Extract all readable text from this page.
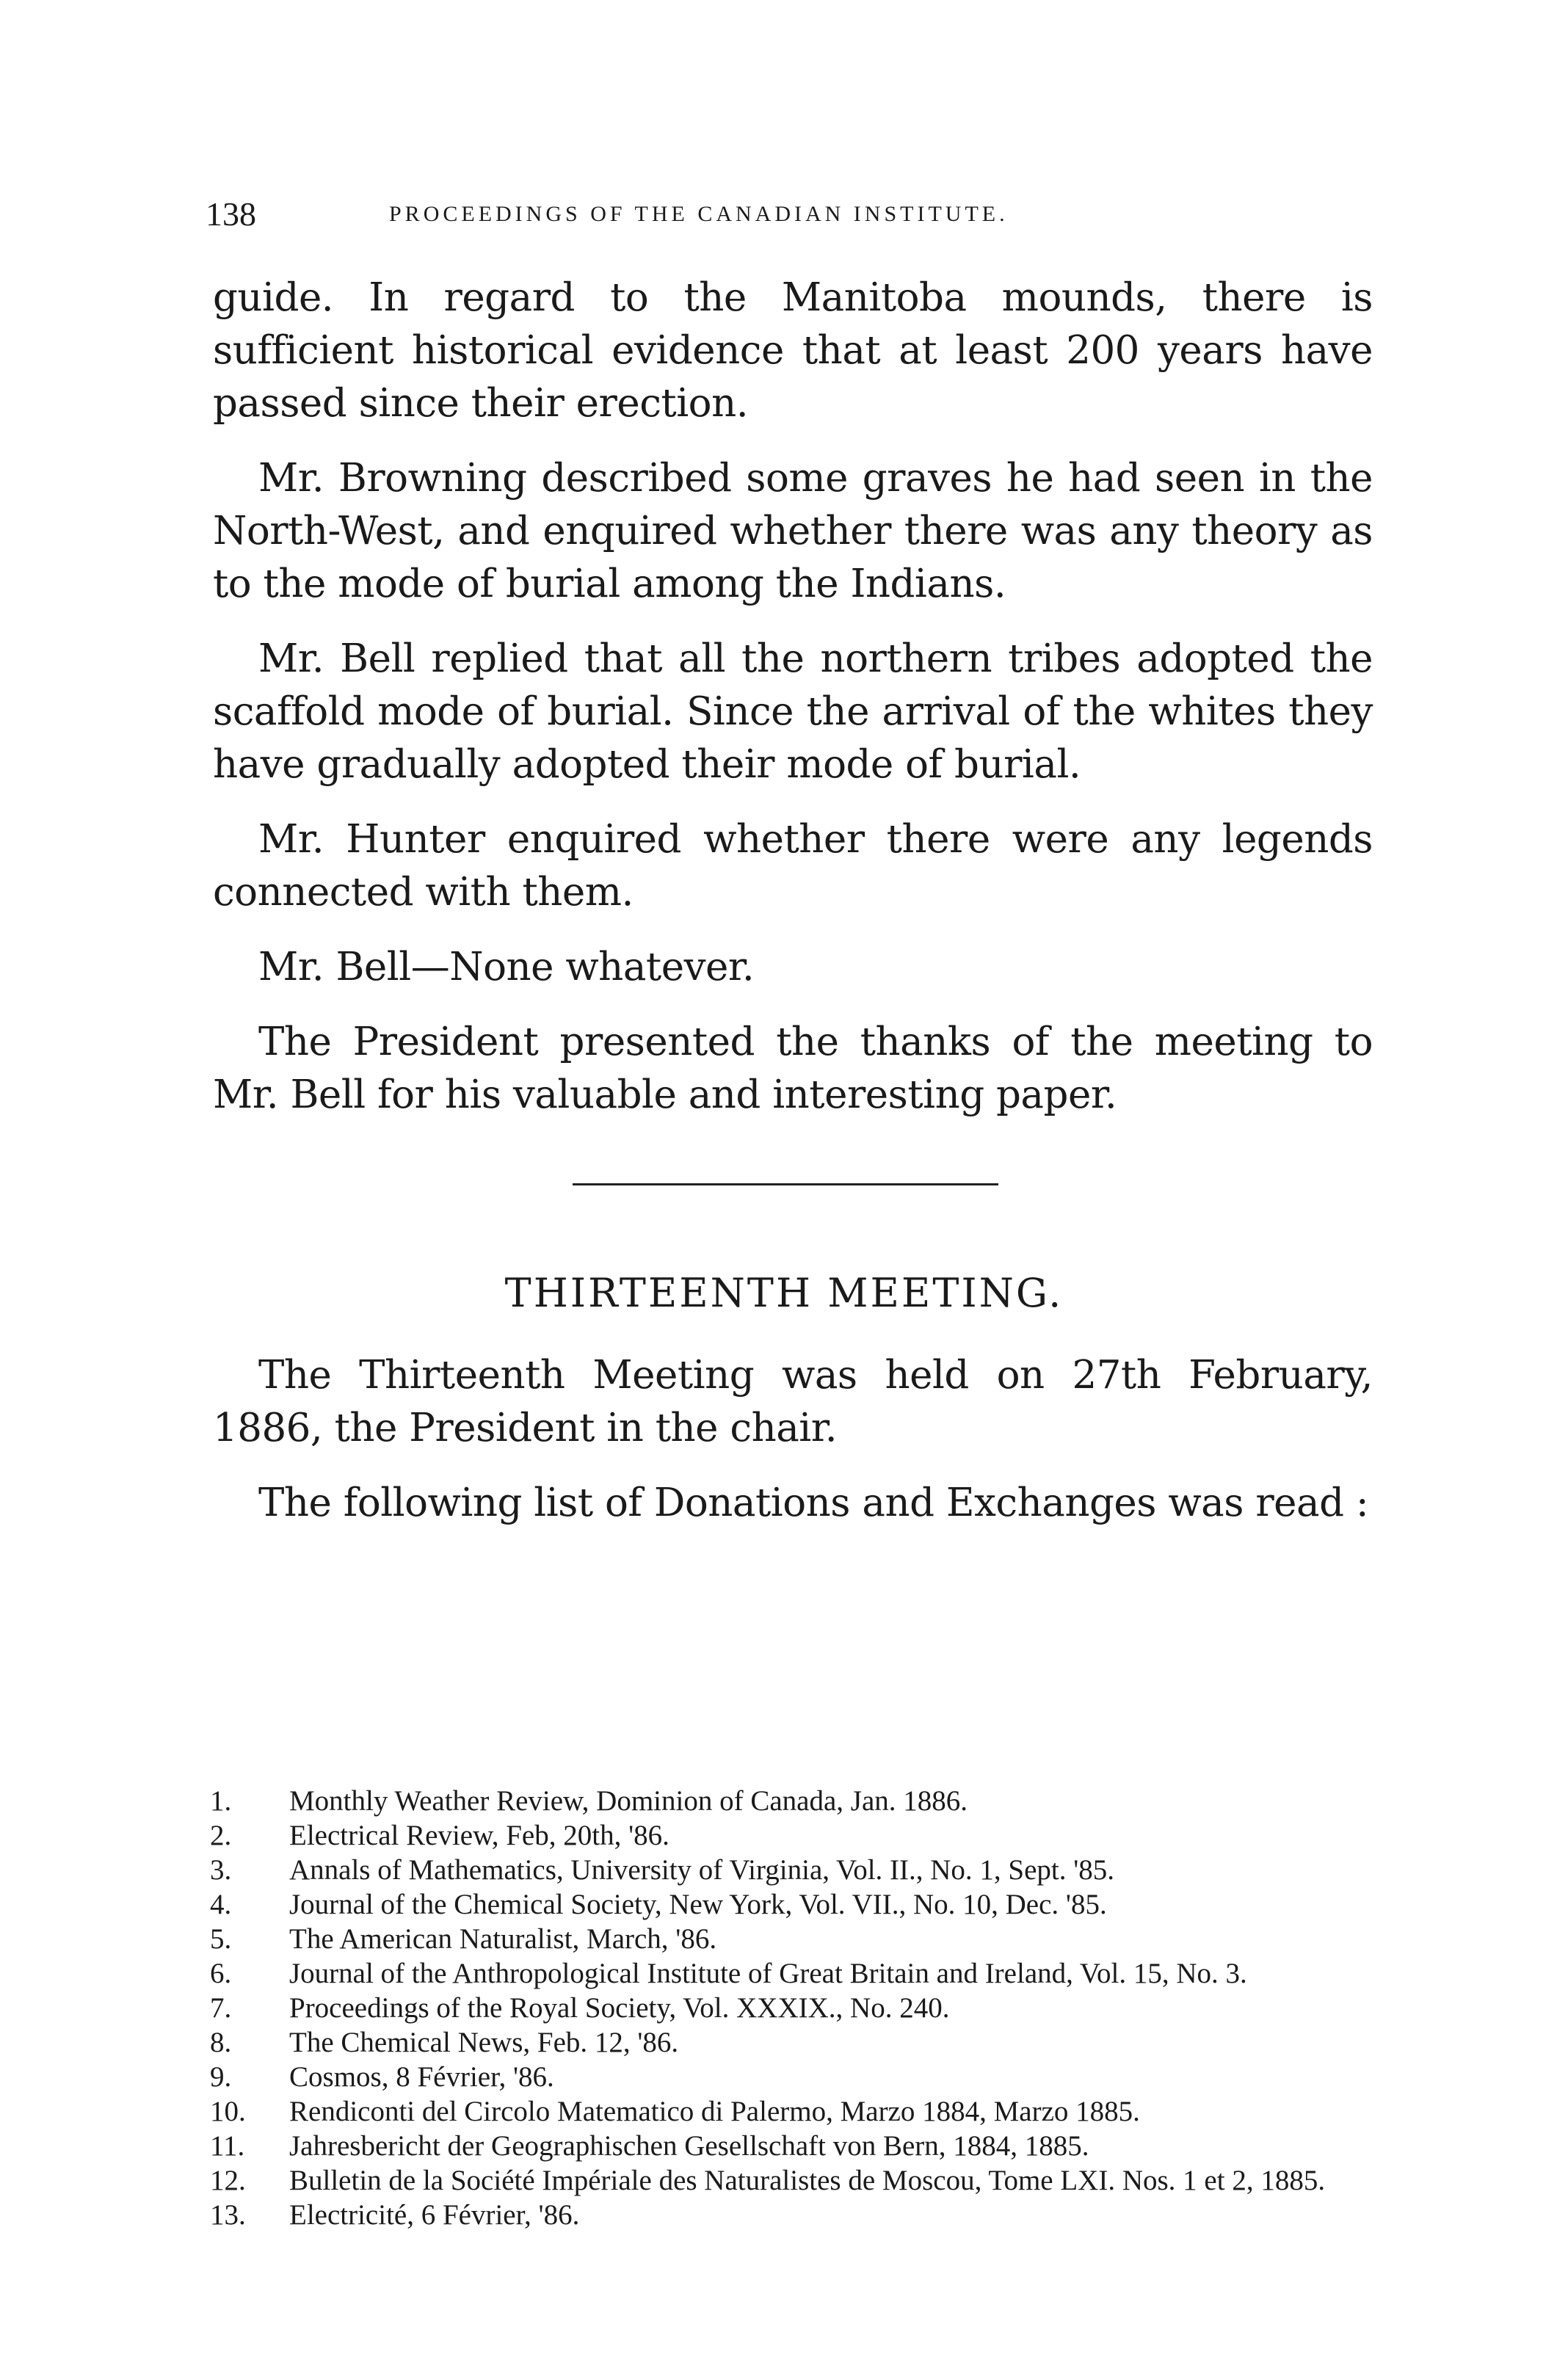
138	PROCEEDINGS OF THE CANADIAN INSTITUTE.

guide. In regard to the Manitoba mounds, there is sufficient historical evidence that at least 200 years have passed since their erection.

Mr. Browning described some graves he had seen in the North-West, and enquired whether there was any theory as to the mode of burial among the Indians.

Mr. Bell replied that all the northern tribes adopted the scaffold mode of burial. Since the arrival of the whites they have gradually adopted their mode of burial.

Mr. Hunter enquired whether there were any legends connected with them.

Mr. Bell—None whatever.

The President presented the thanks of the meeting to Mr. Bell for his valuable and interesting paper.

THIRTEENTH MEETING.

The Thirteenth Meeting was held on 27th February, 1886, the President in the chair.

The following list of Donations and Exchanges was read :

1.	Monthly Weather Review, Dominion of Canada, Jan. 1886.
2.	Electrical Review, Feb, 20th, '86.
3.	Annals of Mathematics, University of Virginia, Vol. II., No. 1, Sept. '85.
4.	Journal of the Chemical Society, New York, Vol. VII., No. 10, Dec. '85.
5.	The American Naturalist, March, '86.
6.	Journal of the Anthropological Institute of Great Britain and Ireland, Vol. 15, No. 3.
7.	Proceedings of the Royal Society, Vol. XXXIX., No. 240.
8.	The Chemical News, Feb. 12, '86.
9.	Cosmos, 8 Février, '86.
10.	Rendiconti del Circolo Matematico di Palermo, Marzo 1884, Marzo 1885.
11.	Jahresbericht der Geographischen Gesellschaft von Bern, 1884, 1885.
12.	Bulletin de la Société Impériale des Naturalistes de Moscou, Tome LXI. Nos. 1 et 2, 1885.
13.	Electricité, 6 Février, '86.
